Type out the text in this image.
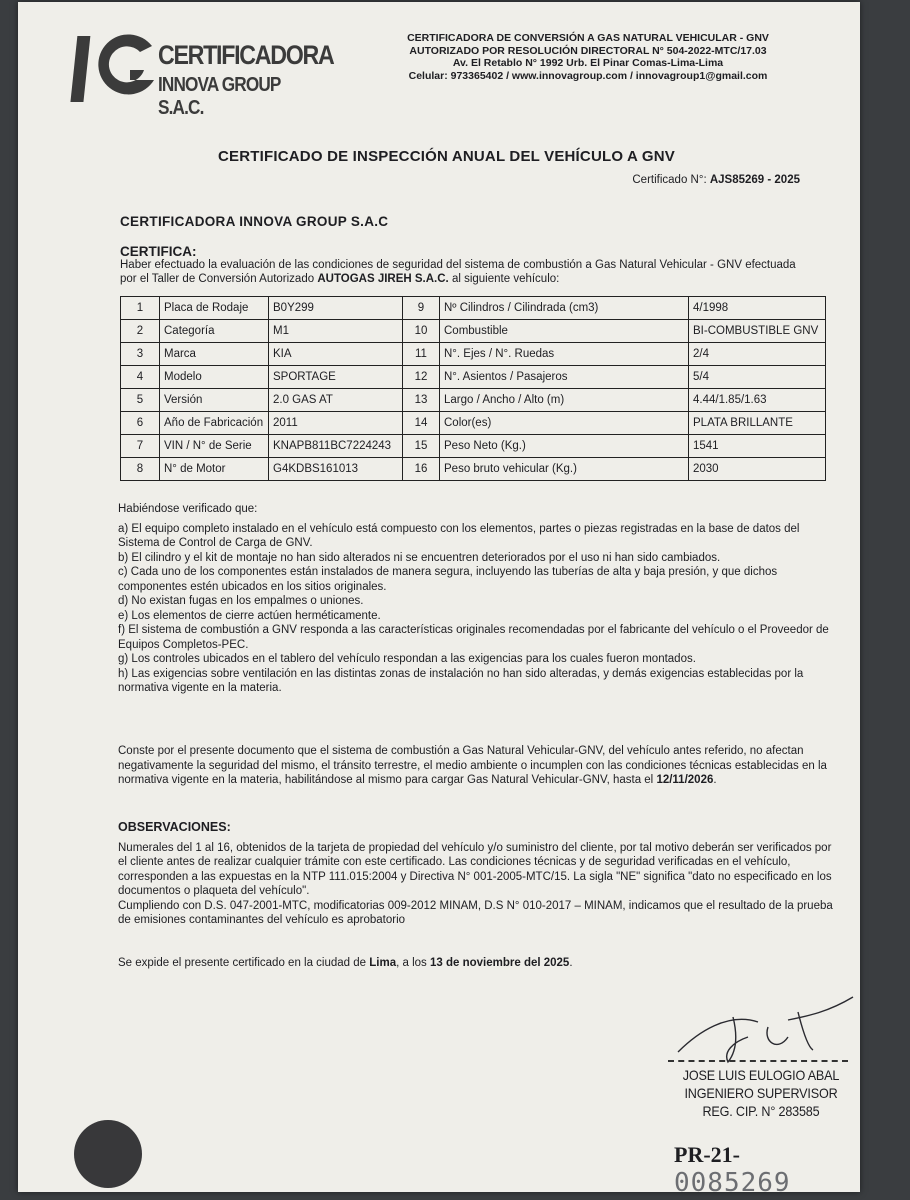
CERTIFICADORA
INNOVA GROUP S.A.C.
CERTIFICADORA DE CONVERSIÓN A GAS NATURAL VEHICULAR - GNV
AUTORIZADO POR RESOLUCIÓN DIRECTORAL N° 504-2022-MTC/17.03
Av. El Retablo N° 1992 Urb. El Pinar Comas-Lima-Lima
Celular: 973365402 / www.innovagroup.com / innovagroup1@gmail.com
CERTIFICADO DE INSPECCIÓN ANUAL DEL VEHÍCULO A GNV
Certificado N°: AJS85269 - 2025
CERTIFICADORA INNOVA GROUP S.A.C
CERTIFICA:
Haber efectuado la evaluación de las condiciones de seguridad del sistema de combustión a Gas Natural Vehicular - GNV efectuada por el Taller de Conversión Autorizado AUTOGAS JIREH S.A.C. al siguiente vehículo:
1	Placa de Rodaje	B0Y299	9	Nº Cilindros / Cilindrada (cm3)	4/1998
2	Categoría	M1	10	Combustible	BI-COMBUSTIBLE GNV
3	Marca	KIA	11	N°. Ejes / N°. Ruedas	2/4
4	Modelo	SPORTAGE	12	N°. Asientos / Pasajeros	5/4
5	Versión	2.0 GAS AT	13	Largo / Ancho / Alto (m)	4.44/1.85/1.63
6	Año de Fabricación	2011	14	Color(es)	PLATA BRILLANTE
7	VIN / N° de Serie	KNAPB811BC7224243	15	Peso Neto (Kg.)	1541
8	N° de Motor	G4KDBS161013	16	Peso bruto vehicular (Kg.)	2030

Habiéndose verificado que:

a) El equipo completo instalado en el vehículo está compuesto con los elementos, partes o piezas registradas en la base de datos del Sistema de Control de Carga de GNV.

b) El cilindro y el kit de montaje no han sido alterados ni se encuentren deteriorados por el uso ni han sido cambiados.

c) Cada uno de los componentes están instalados de manera segura, incluyendo las tuberías de alta y baja presión, y que dichos componentes estén ubicados en los sitios originales.

d) No existan fugas en los empalmes o uniones.

e) Los elementos de cierre actúen herméticamente.

f) El sistema de combustión a GNV responda a las características originales recomendadas por el fabricante del vehículo o el Proveedor de Equipos Completos-PEC.

g) Los controles ubicados en el tablero del vehículo respondan a las exigencias para los cuales fueron montados.

h) Las exigencias sobre ventilación en las distintas zonas de instalación no han sido alteradas, y demás exigencias establecidas por la normativa vigente en la materia.

Conste por el presente documento que el sistema de combustión a Gas Natural Vehicular-GNV, del vehículo antes referido, no afectan negativamente la seguridad del mismo, el tránsito terrestre, el medio ambiente o incumplen con las condiciones técnicas establecidas en la normativa vigente en la materia, habilitándose al mismo para cargar Gas Natural Vehicular-GNV, hasta el 12/11/2026.

OBSERVACIONES:

Numerales del 1 al 16, obtenidos de la tarjeta de propiedad del vehículo y/o suministro del cliente, por tal motivo deberán ser verificados por el cliente antes de realizar cualquier trámite con este certificado. Las condiciones técnicas y de seguridad verificadas en el vehículo, corresponden a las expuestas en la NTP 111.015:2004 y Directiva N° 001-2005-MTC/15. La sigla "NE" significa "dato no especificado en los documentos o plaqueta del vehículo".

Cumpliendo con D.S. 047-2001-MTC, modificatorias 009-2012 MINAM, D.S N° 010-2017 – MINAM, indicamos que el resultado de la prueba de emisiones contaminantes del vehículo es aprobatorio

Se expide el presente certificado en la ciudad de Lima, a los 13 de noviembre del 2025.
JOSE LUIS EULOGIO ABAL
INGENIERO SUPERVISOR
REG. CIP. N° 283585
PR-21- 0085269
